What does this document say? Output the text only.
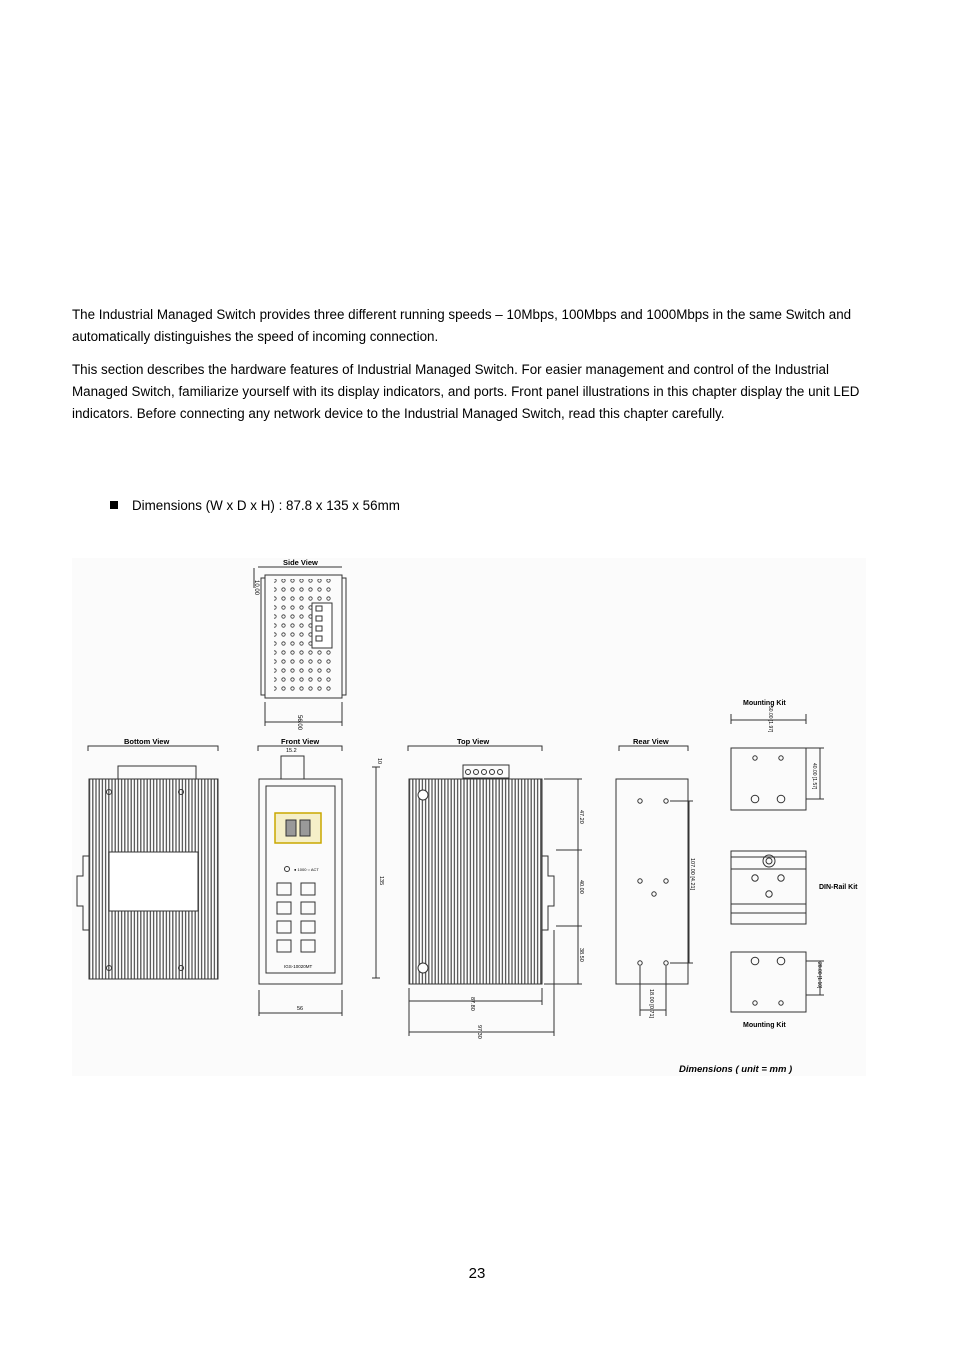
The Industrial Managed Switch provides three different running speeds – 10Mbps, 100Mbps and 1000Mbps in the same Switch and automatically distinguishes the speed of incoming connection.

This section describes the hardware features of Industrial Managed Switch. For easier management and control of the Industrial Managed Switch, familiarize yourself with its display indicators, and ports. Front panel illustrations in this chapter display the unit LED indicators. Before connecting any network device to the Industrial Managed Switch, read this chapter carefully.

Dimensions (W x D x H) : 87.8 x 135 x 56mm
Side View
10.00
56.00
Bottom View	Front View
15.2
● 1000 ○ ACT
IGS-10020MT
10
135
56
Top View
47.20
40.00
38.50
87.80
97.30
Rear View
107.00 [4.21]
18.00 [0.71]
Mounting Kit
50.00 [1.97]
40.00 [1.57]
DIN-Rail Kit
28.00 [1.10]
Mounting Kit
Dimensions ( unit = mm )
23
